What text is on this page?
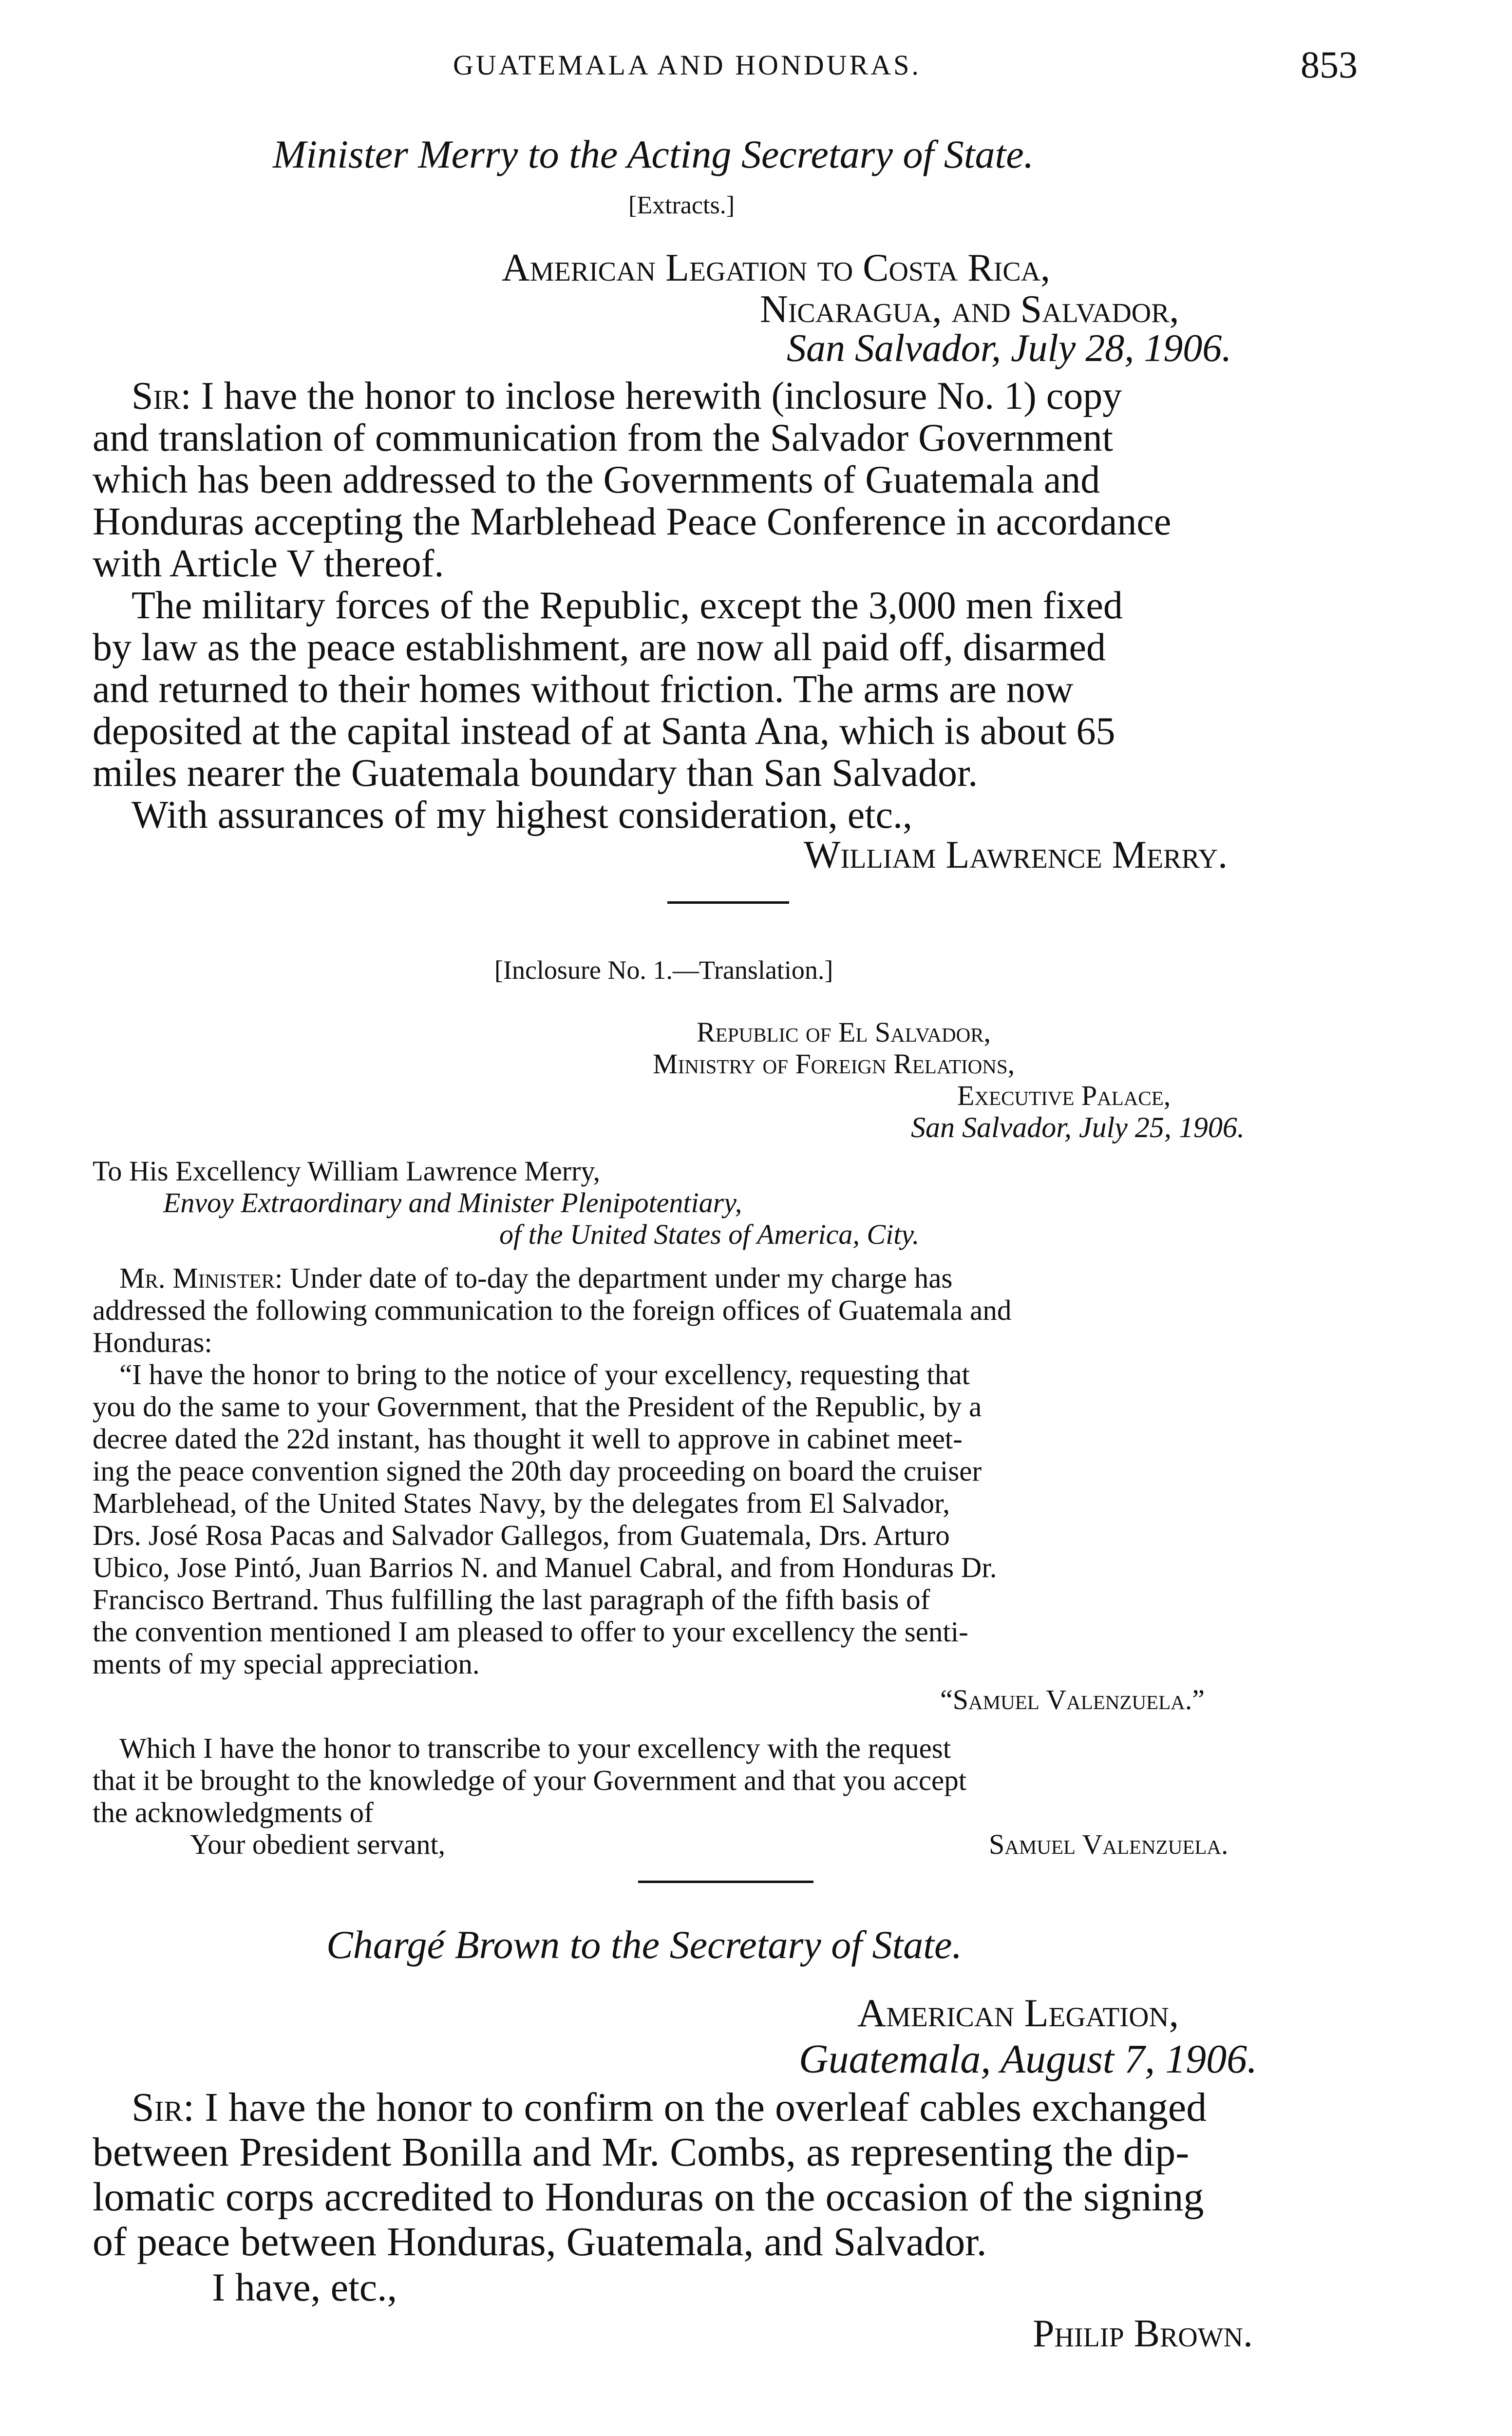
GUATEMALA AND HONDURAS.	853
Minister Merry to the Acting Secretary of State.
[Extracts.]
American Legation to Costa Rica,
Nicaragua, and Salvador,
San Salvador, July 28, 1906.
Sir: I have the honor to inclose herewith (inclosure No. 1) copy
and translation of communication from the Salvador Government
which has been addressed to the Governments of Guatemala and
Honduras accepting the Marblehead Peace Conference in accordance
with Article V thereof.
The military forces of the Republic, except the 3,000 men fixed
by law as the peace establishment, are now all paid off, disarmed
and returned to their homes without friction. The arms are now
deposited at the capital instead of at Santa Ana, which is about 65
miles nearer the Guatemala boundary than San Salvador.
With assurances of my highest consideration, etc.,
William Lawrence Merry.
[Inclosure No. 1.—Translation.]
Republic of El Salvador,
Ministry of Foreign Relations,
Executive Palace,
San Salvador, July 25, 1906.
To His Excellency William Lawrence Merry,
Envoy Extraordinary and Minister Plenipotentiary,
of the United States of America, City.
Mr. Minister: Under date of to-day the department under my charge has
addressed the following communication to the foreign offices of Guatemala and
Honduras:
“I have the honor to bring to the notice of your excellency, requesting that
you do the same to your Government, that the President of the Republic, by a
decree dated the 22d instant, has thought it well to approve in cabinet meet-
ing the peace convention signed the 20th day proceeding on board the cruiser
Marblehead, of the United States Navy, by the delegates from El Salvador,
Drs. José Rosa Pacas and Salvador Gallegos, from Guatemala, Drs. Arturo
Ubico, Jose Pintó, Juan Barrios N. and Manuel Cabral, and from Honduras Dr.
Francisco Bertrand. Thus fulfilling the last paragraph of the fifth basis of
the convention mentioned I am pleased to offer to your excellency the senti-
ments of my special appreciation.
“Samuel Valenzuela.”
Which I have the honor to transcribe to your excellency with the request
that it be brought to the knowledge of your Government and that you accept
the acknowledgments of
Your obedient servant,	Samuel Valenzuela.
Chargé Brown to the Secretary of State.
American Legation,
Guatemala, August 7, 1906.
Sir: I have the honor to confirm on the overleaf cables exchanged
between President Bonilla and Mr. Combs, as representing the dip-
lomatic corps accredited to Honduras on the occasion of the signing
of peace between Honduras, Guatemala, and Salvador.
I have, etc.,
Philip Brown.
